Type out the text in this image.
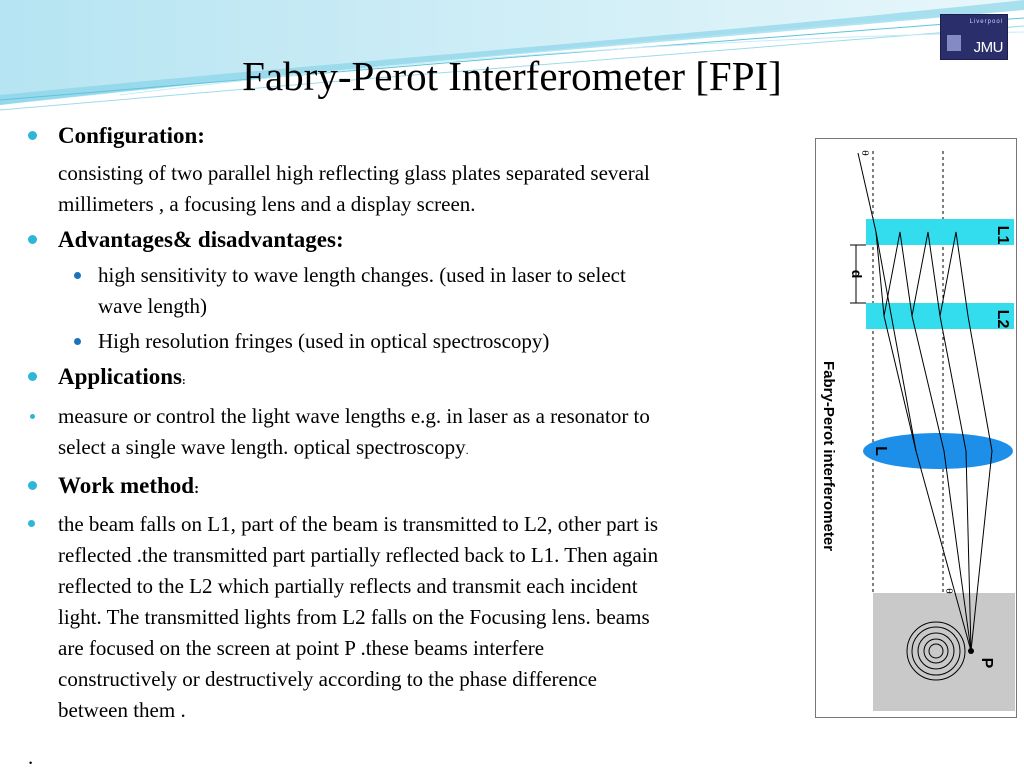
Liverpool
JMU
Fabry-Perot Interferometer [FPI]
Configuration:
consisting of two parallel high reflecting glass plates separated several
millimeters , a focusing lens and a display screen.
Advantages& disadvantages:
high sensitivity to wave length changes. (used in laser to select
wave length)
High resolution fringes (used in optical spectroscopy)
Applications:
measure or control the light wave lengths e.g. in laser as a resonator to
select a single wave length. optical spectroscopy.
Work method:
the beam falls on L1, part of the beam is transmitted to L2, other part is
reflected .the transmitted part partially reflected back to L1. Then again
reflected to the L2 which partially reflects and transmit each incident
light. The transmitted lights from L2 falls on the Focusing lens. beams
are focused on the screen at point P .these beams interfere
constructively or destructively according to the phase difference
between them .
.
L1
L2
L
d
P
θ
θ
Fabry-Perot interferometer
